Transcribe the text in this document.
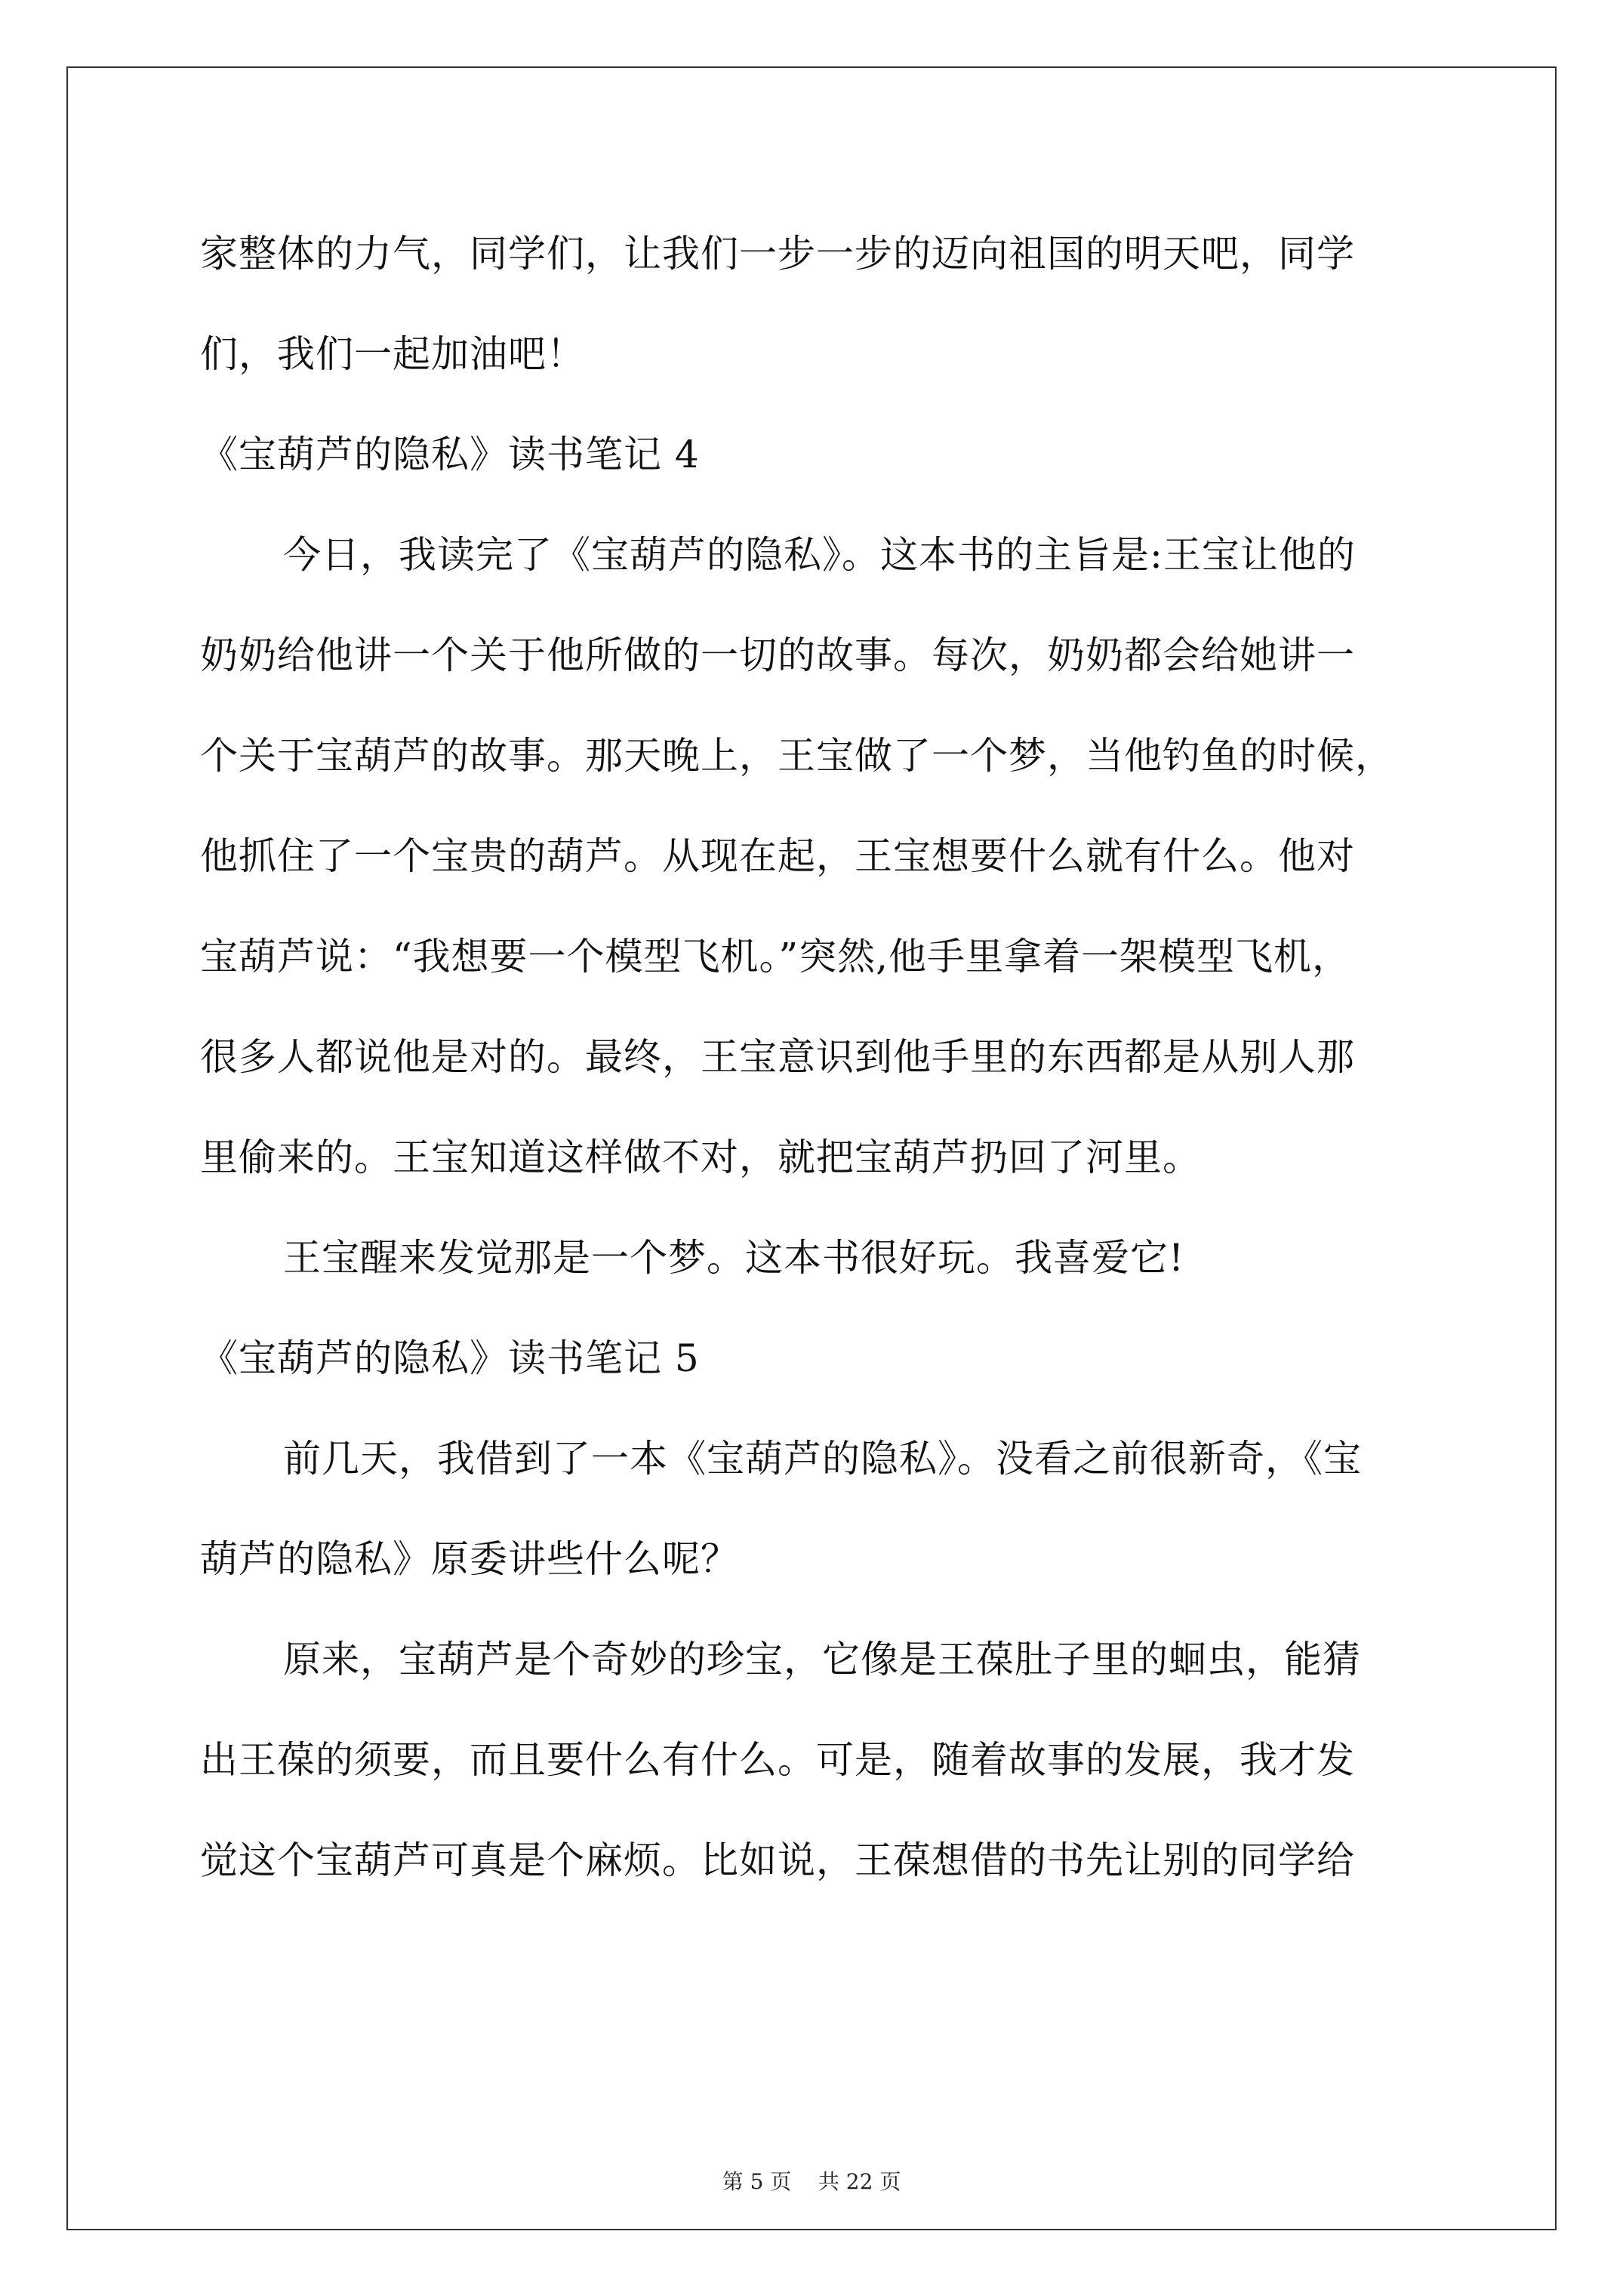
家整体的力气，同学们，让我们一步一步的迈向祖国的明天吧，同学
们，我们一起加油吧！
《宝葫芦的隐私》读书笔记 4
今日，我读完了《宝葫芦的隐私》。这本书的主旨是:王宝让他的
奶奶给他讲一个关于他所做的一切的故事。每次，奶奶都会给她讲一
个关于宝葫芦的故事。那天晚上，王宝做了一个梦，当他钓鱼的时候，
他抓住了一个宝贵的葫芦。从现在起，王宝想要什么就有什么。他对
宝葫芦说：“我想要一个模型飞机。”突然,他手里拿着一架模型飞机，
很多人都说他是对的。最终，王宝意识到他手里的东西都是从别人那
里偷来的。王宝知道这样做不对，就把宝葫芦扔回了河里。
王宝醒来发觉那是一个梦。这本书很好玩。我喜爱它!
《宝葫芦的隐私》读书笔记 5
前几天，我借到了一本《宝葫芦的隐私》。没看之前很新奇，《宝
葫芦的隐私》原委讲些什么呢？
原来，宝葫芦是个奇妙的珍宝，它像是王葆肚子里的蛔虫，能猜
出王葆的须要，而且要什么有什么。可是，随着故事的发展，我才发
觉这个宝葫芦可真是个麻烦。比如说，王葆想借的书先让别的同学给
第 5 页    共 22 页
